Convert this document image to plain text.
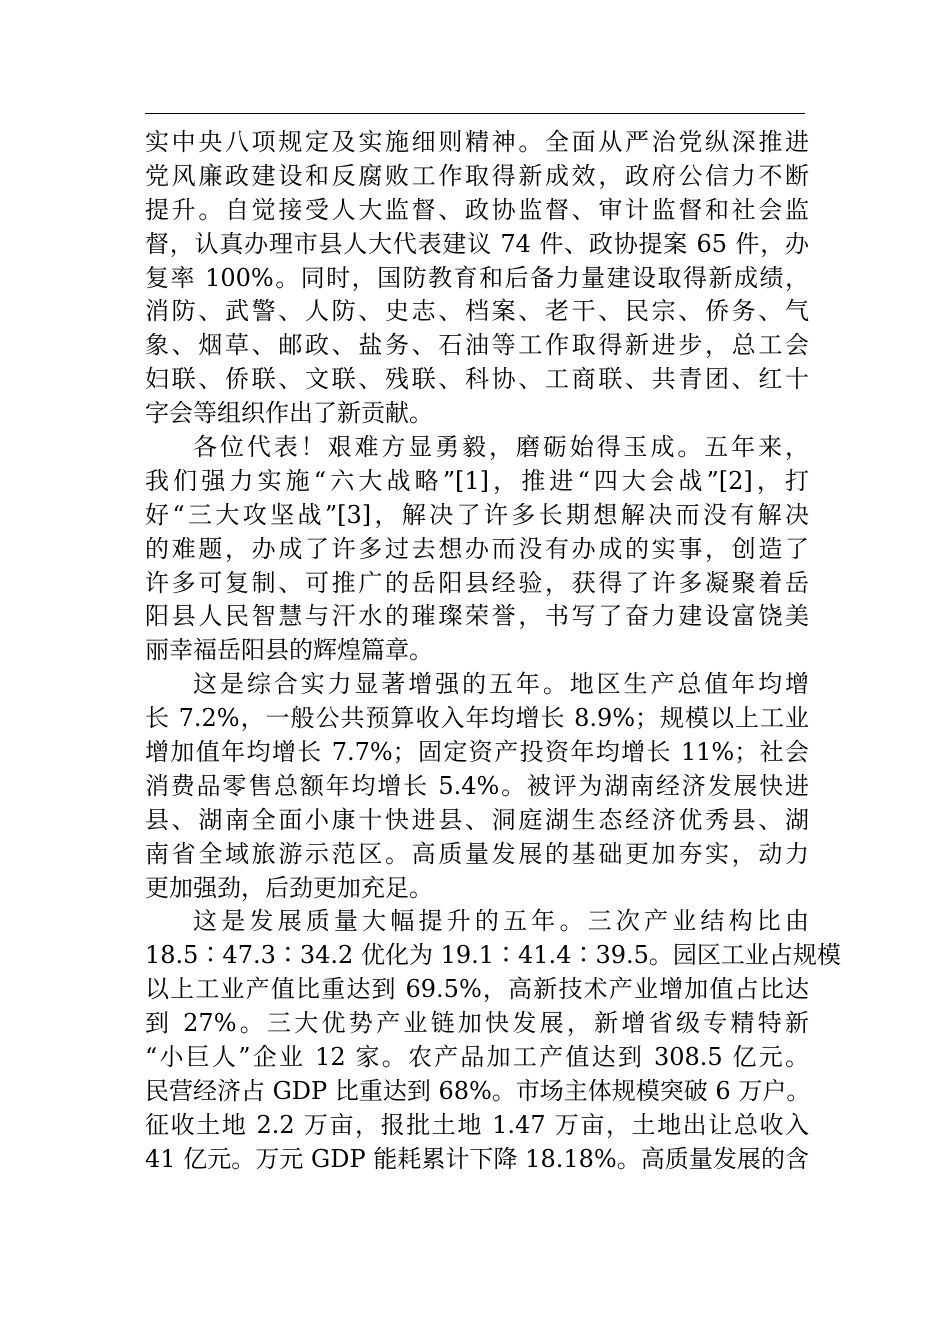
实中央八项规定及实施细则精神。全面从严治党纵深推进
党风廉政建设和反腐败工作取得新成效，政府公信力不断
提升。自觉接受人大监督、政协监督、审计监督和社会监
督，认真办理市县人大代表建议 74 件、政协提案 65 件，办
复率 100%。同时，国防教育和后备力量建设取得新成绩，
消防、武警、人防、史志、档案、老干、民宗、侨务、气
象、烟草、邮政、盐务、石油等工作取得新进步，总工会
妇联、侨联、文联、残联、科协、工商联、共青团、红十
字会等组织作出了新贡献。
各位代表！艰难方显勇毅，磨砺始得玉成。五年来，
我们强力实施“六大战略”[1]，推进“四大会战”[2]，打
好“三大攻坚战”[3]，解决了许多长期想解决而没有解决
的难题，办成了许多过去想办而没有办成的实事，创造了
许多可复制、可推广的岳阳县经验，获得了许多凝聚着岳
阳县人民智慧与汗水的璀璨荣誉，书写了奋力建设富饶美
丽幸福岳阳县的辉煌篇章。
这是综合实力显著增强的五年。地区生产总值年均增
长 7.2%，一般公共预算收入年均增长 8.9%；规模以上工业
增加值年均增长 7.7%；固定资产投资年均增长 11%；社会
消费品零售总额年均增长 5.4%。被评为湖南经济发展快进
县、湖南全面小康十快进县、洞庭湖生态经济优秀县、湖
南省全域旅游示范区。高质量发展的基础更加夯实，动力
更加强劲，后劲更加充足。
这是发展质量大幅提升的五年。三次产业结构比由
18.5∶47.3∶34.2 优化为 19.1∶41.4∶39.5。园区工业占规模
以上工业产值比重达到 69.5%，高新技术产业增加值占比达
到 27%。三大优势产业链加快发展，新增省级专精特新
“小巨人”企业 12 家。农产品加工产值达到 308.5 亿元。
民营经济占 GDP 比重达到 68%。市场主体规模突破 6 万户。
征收土地 2.2 万亩，报批土地 1.47 万亩，土地出让总收入
41 亿元。万元 GDP 能耗累计下降 18.18%。高质量发展的含
